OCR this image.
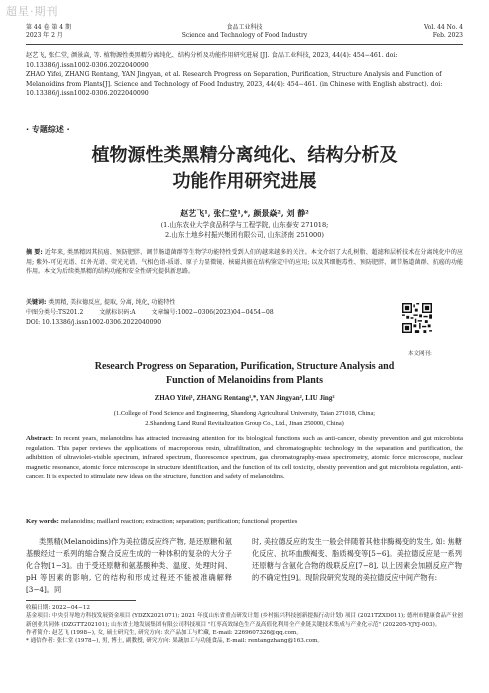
超星·期刊
第 44 卷 第 4 期
2023 年 2 月
食品工业科技
Science and Technology of Food Industry
Vol. 44 No. 4
Feb. 2023

赵艺飞, 张仁堂, 颜景焱, 等. 植物源性类黑精分离纯化、结构分析及功能作用研究进展 [J]. 食品工业科技, 2023, 44(4): 454−461. doi: 10.13386/j.issn1002-0306.2022040090

ZHAO Yifei, ZHANG Rentang, YAN Jingyan, et al. Research Progress on Separation, Purification, Structure Analysis and Function of Melanoidins from Plants[J]. Science and Technology of Food Industry, 2023, 44(4): 454−461. (in Chinese with English abstract). doi: 10.13386/j.issn1002-0306.2022040090

· 专题综述 ·
植物源性类黑精分离纯化、结构分析及
功能作用研究进展
赵艺飞¹, 张仁堂¹,*, 颜景焱², 刘 静²
(1.山东农业大学食品科学与工程学院, 山东泰安 271018;
2.山东土地乡村振兴集团有限公司, 山东济南 251000)
摘 要: 近年来, 类黑精因其抗癌、预防肥胖、调节肠道菌群等生物学功能特性受到人们的越来越多的关注。本文介绍了大孔树脂、超滤和层析技术在分离纯化中的应用; 紫外-可见光谱、红外光谱、荧光光谱、气相色谱-质谱、原子力显微镜、核磁共振在结构鉴定中的应用; 以及其细胞毒性、预防肥胖、调节肠道菌群、抗癌的功能作用。本文为后续类黑精的结构功能和安全性研究提供新思路。
关键词: 类黑精, 美拉德反应, 提取, 分离, 纯化, 功能特性
中图分类号:TS201.2	文献标识码:A	文章编号:1002−0306(2023)04−0454−08
DOI: 10.13386/j.issn1002-0306.2022040090
本文网刊:
Research Progress on Separation, Purification, Structure Analysis and
Function of Melanoidins from Plants
ZHAO Yifei¹, ZHANG Rentang¹,*, YAN Jingyan², LIU Jing²
(1.College of Food Science and Engineering, Shandong Agricultural University, Taian 271018, China;
2.Shandong Land Rural Revitalization Group Co., Ltd., Jinan 250000, China)
Abstract: In recent years, melanoidins has attracted increasing attention for its biological functions such as anti-cancer, obesity prevention and gut microbiota regulation. This paper reviews the applications of macroporous resin, ultrafiltration, and chromatographic technology in the separation and purification, the adhibition of ultraviolet-visible spectrum, infrared spectrum, fluorescence spectrum, gas chromatography-mass spectrometry, atomic force microscope, nuclear magnetic resonance, atomic force microscope in structure identification, and the function of its cell toxicity, obesity prevention and gut microbiota regulation, anti-cancer. It is expected to stimulate new ideas on the structure, function and safety of melanoidins.
Key words: melanoidins; maillard reaction; extraction; separation; purification; functional properties
类黑精(Melanoidins)作为美拉德反应终产物, 是还原糖和氨基酸经过一系列的缩合聚合反应生成的一种体积的复杂的大分子化合物[1−3]。由于受还原糖和氨基酸种类、温度、处理时间、pH 等因素的影响, 它的结构和形成过程还不能被准确解释[3−4]。同
时, 美拉德反应的发生一般会伴随着其他非酶褐变的发生, 如: 焦糖化反应、抗坏血酸褐变、脂质褐变等[5−6]。美拉德反应是一系列还原糖与含氨化合物的级联反应[7−8], 以上因素会加剧反应产物的不确定性[9]。现阶段研究发现的美拉德反应中间产物有:

收稿日期: 2022−04−12

基金项目: 中央引导地方科技发展资金项目 (YDZX2021071); 2021 年度山东省重点研发计划 (乡村振兴科技创新提振行动计划) 项目 (2021TZXD011); 德州市健康食品产业创新创业共同体 (DZGTT202101); 山东省土地发展集团有限公司科技项目 "红枣高效绿色生产及高值化利用全产业链关键技术集成与产业化示范" (202205-YJYJ-003)。

作者简介: 赵艺飞 (1998−), 女, 硕士研究生, 研究方向: 农产品加工与贮藏, E-mail: 2269607326@qq.com。

* 通信作者: 张仁堂 (1978−), 男, 博士, 副教授, 研究方向: 果蔬加工与功能食品, E-mail: rentangzhang@163.com。
